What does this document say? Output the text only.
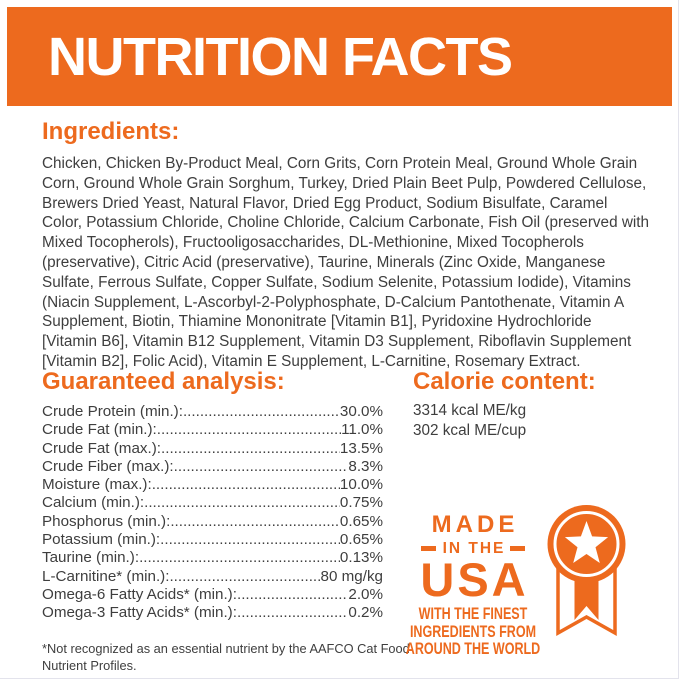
NUTRITION FACTS
Ingredients:

Chicken, Chicken By-Product Meal, Corn Grits, Corn Protein Meal, Ground Whole Grain Corn, Ground Whole Grain Sorghum, Turkey, Dried Plain Beet Pulp, Powdered Cellulose, Brewers Dried Yeast, Natural Flavor, Dried Egg Product, Sodium Bisulfate, Caramel Color, Potassium Chloride, Choline Chloride, Calcium Carbonate, Fish Oil (preserved with Mixed Tocopherols), Fructooligosaccharides, DL-Methionine, Mixed Tocopherols (preservative), Citric Acid (preservative), Taurine, Minerals (Zinc Oxide, Manganese Sulfate, Ferrous Sulfate, Copper Sulfate, Sodium Selenite, Potassium Iodide), Vitamins (Niacin Supplement, L-Ascorbyl-2-Polyphosphate, D-Calcium Pantothenate, Vitamin A Supplement, Biotin, Thiamine Mononitrate [Vitamin B1], Pyridoxine Hydrochloride [Vitamin B6], Vitamin B12 Supplement, Vitamin D3 Supplement, Riboflavin Supplement [Vitamin B2], Folic Acid), Vitamin E Supplement, L-Carnitine, Rosemary Extract.

Guaranteed analysis:
Crude Protein (min.): .....	30.0%
Crude Fat (min.): .....	11.0%
Crude Fat (max.): .....	13.5%
Crude Fiber (max.): .....	8.3%
Moisture (max.): .....	10.0%
Calcium (min.): .....	0.75%
Phosphorus (min.): .....	0.65%
Potassium (min.): .....	0.65%
Taurine (min.): .....	0.13%
L-Carnitine* (min.): .....	80 mg/kg
Omega-6 Fatty Acids* (min.): .....	2.0%
Omega-3 Fatty Acids* (min.): .....	0.2%

*Not recognized as an essential nutrient by the AAFCO Cat Food Nutrient Profiles.

Calorie content:
3314 kcal ME/kg
302 kcal ME/cup
MADE
IN THE
USA
WITH THE FINEST
INGREDIENTS FROM
AROUND THE WORLD
